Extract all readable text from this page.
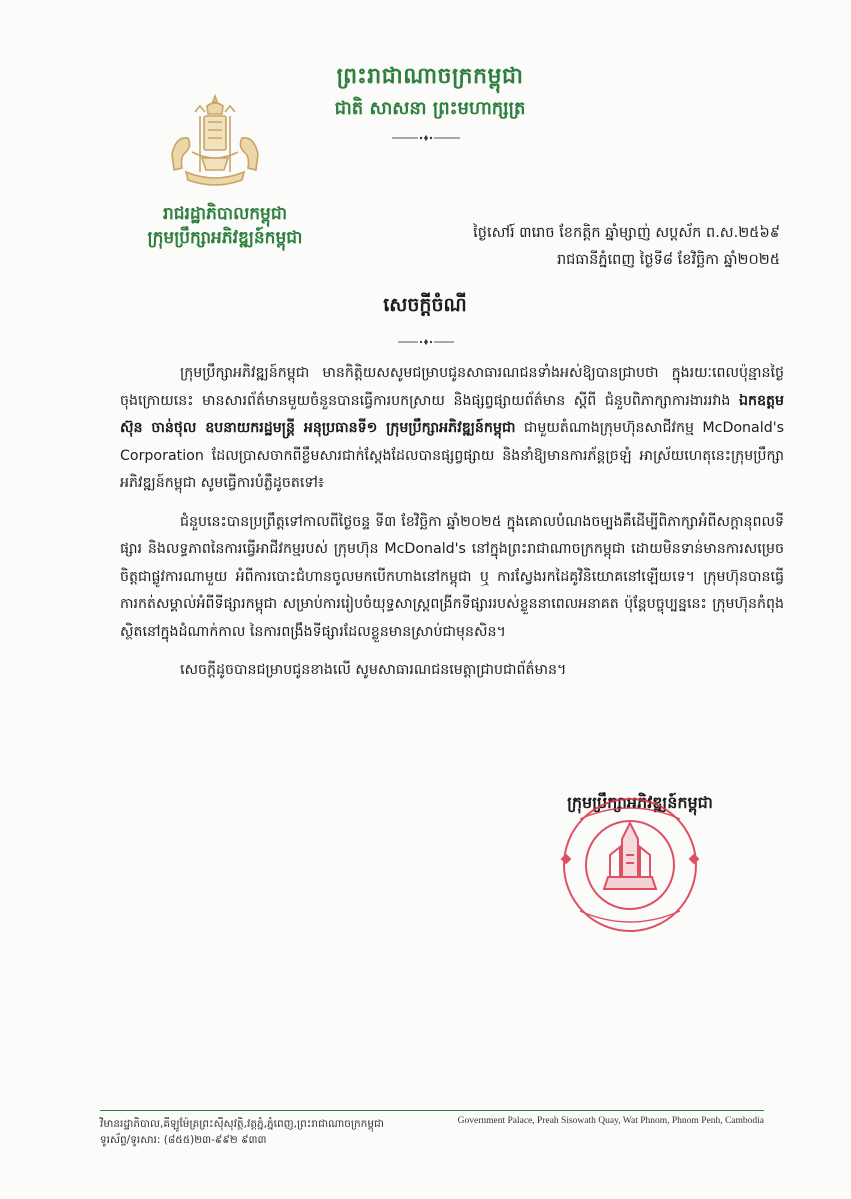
ព្រះរាជាណាចក្រកម្ពុជា
ជាតិ សាសនា ព្រះមហាក្សត្រ
រាជរដ្ឋាភិបាលកម្ពុជា
ក្រុមប្រឹក្សាអភិវឌ្ឍន៍កម្ពុជា	ថ្ងៃសៅរ៍ ៣រោច ខែកត្តិក ឆ្នាំម្សាញ់ សប្តស័ក ព.ស.២៥៦៩
រាជធានីភ្នំពេញ ថ្ងៃទី៨ ខែវិច្ឆិកា ឆ្នាំ២០២៥
សេចក្តីចំណី

ក្រុមប្រឹក្សាអភិវឌ្ឍន៍កម្ពុជា មានកិត្តិយសសូមជម្រាបជូនសាធារណជនទាំងអស់ឱ្យបានជ្រាបថា ក្នុងរយៈពេលប៉ុន្មានថ្ងៃចុងក្រោយនេះ មានសារព័ត៌មានមួយចំនួនបានធ្វើការបកស្រាយ និងផ្សព្វផ្សាយព័ត៌មាន ស្តីពី ជំនួបពិភាក្សាការងាររវាង ឯកឧត្តម ស៊ុន ចាន់ថុល ឧបនាយករដ្ឋមន្ត្រី អនុប្រធានទី១ ក្រុមប្រឹក្សាអភិវឌ្ឍន៍កម្ពុជា ជាមួយតំណាងក្រុមហ៊ុនសាជីវកម្ម McDonald's Corporation ដែលប្រាសចាកពីខ្លឹមសារជាក់ស្តែងដែលបានផ្សព្វផ្សាយ និងនាំឱ្យមានការភ័ន្តច្រឡំ អាស្រ័យហេតុនេះក្រុមប្រឹក្សាអភិវឌ្ឍន៍កម្ពុជា សូមធ្វើការបំភ្លឺដូចតទៅ៖

ជំនួបនេះបានប្រព្រឹត្តទៅកាលពីថ្ងៃចន្ទ ទី៣ ខែវិច្ឆិកា ឆ្នាំ២០២៥ ក្នុងគោលបំណងចម្បងគឺដើម្បីពិភាក្សាអំពីសក្តានុពលទីផ្សារ និងលទ្ធភាពនៃការធ្វើអាជីវកម្មរបស់ ក្រុមហ៊ុន McDonald's នៅក្នុងព្រះរាជាណាចក្រកម្ពុជា ដោយមិនទាន់មានការសម្រេចចិត្តជាផ្លូវការណាមួយ អំពីការបោះជំហានចូលមកបើកហាងនៅកម្ពុជា ឬ ការស្វែងរកដៃគូវិនិយោគនៅឡើយទេ។ ក្រុមហ៊ុនបានធ្វើការកត់សម្គាល់អំពីទីផ្សារកម្ពុជា សម្រាប់ការរៀបចំយុទ្ធសាស្ត្រពង្រីកទីផ្សាររបស់ខ្លួននាពេលអនាគត ប៉ុន្តែបច្ចុប្បន្ននេះ ក្រុមហ៊ុនកំពុងស្ថិតនៅក្នុងដំណាក់កាល នៃការពង្រឹងទីផ្សារដែលខ្លួនមានស្រាប់ជាមុនសិន។

សេចក្តីដូចបានជម្រាបជូនខាងលើ សូមសាធារណជនមេត្តាជ្រាបជាព័ត៌មាន។

ក្រុមប្រឹក្សាអភិវឌ្ឍន៍កម្ពុជា
វិមានរដ្ឋាភិបាល,គីឡូម៉ែត្រព្រះស៊ីសុវត្ថិ,វត្តភ្នំ,ភ្នំពេញ,ព្រះរាជាណាចក្រកម្ពុជា
ទូរស័ព្ទ/ទូរសារ: (៨៥៥)២៣-៩៩២ ៩៣៣
Government Palace, Preah Sisowath Quay, Wat Phnom, Phnom Penh, Cambodia
